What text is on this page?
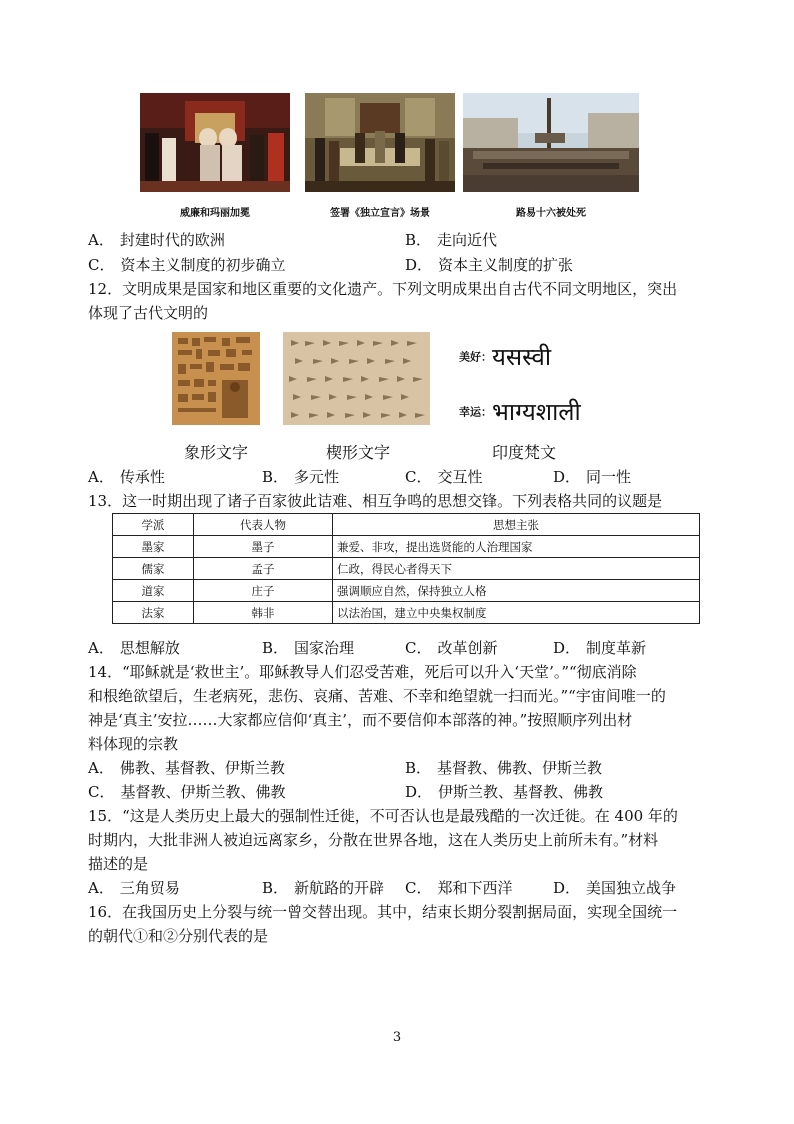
威廉和玛丽加冕	签署《独立宣言》场景	路易十六被处死
A． 封建时代的欧洲	B． 走向近代
C． 资本主义制度的初步确立	D． 资本主义制度的扩张
12．文明成果是国家和地区重要的文化遗产。下列文明成果出自古代不同文明地区，突出
体现了古代文明的
美好：यसस्वी
幸运：भाग्यशाली
象形文字	楔形文字	印度梵文
A． 传承性	B． 多元性	C． 交互性	D． 同一性
13．这一时期出现了诸子百家彼此诘难、相互争鸣的思想交锋。下列表格共同的议题是
学派	代表人物	思想主张
墨家	墨子	兼爱、非攻，提出选贤能的人治理国家
儒家	孟子	仁政，得民心者得天下
道家	庄子	强调顺应自然，保持独立人格
法家	韩非	以法治国，建立中央集权制度
A． 思想解放	B． 国家治理	C． 改革创新	D． 制度革新
14．“耶稣就是‘救世主’。耶稣教导人们忍受苦难，死后可以升入‘天堂’。”“彻底消除
和根绝欲望后，生老病死，悲伤、哀痛、苦难、不幸和绝望就一扫而光。”“宇宙间唯一的
神是‘真主’安拉……大家都应信仰‘真主’，而不要信仰本部落的神。”按照顺序列出材
料体现的宗教
A． 佛教、基督教、伊斯兰教	B． 基督教、佛教、伊斯兰教
C． 基督教、伊斯兰教、佛教	D． 伊斯兰教、基督教、佛教
15．“这是人类历史上最大的强制性迁徙，不可否认也是最残酷的一次迁徙。在 400 年的
时期内，大批非洲人被迫远离家乡，分散在世界各地，这在人类历史上前所未有。”材料
描述的是
A． 三角贸易	B． 新航路的开辟 C． 郑和下西洋	D． 美国独立战争
16．在我国历史上分裂与统一曾交替出现。其中，结束长期分裂割据局面，实现全国统一
的朝代①和②分别代表的是
3
